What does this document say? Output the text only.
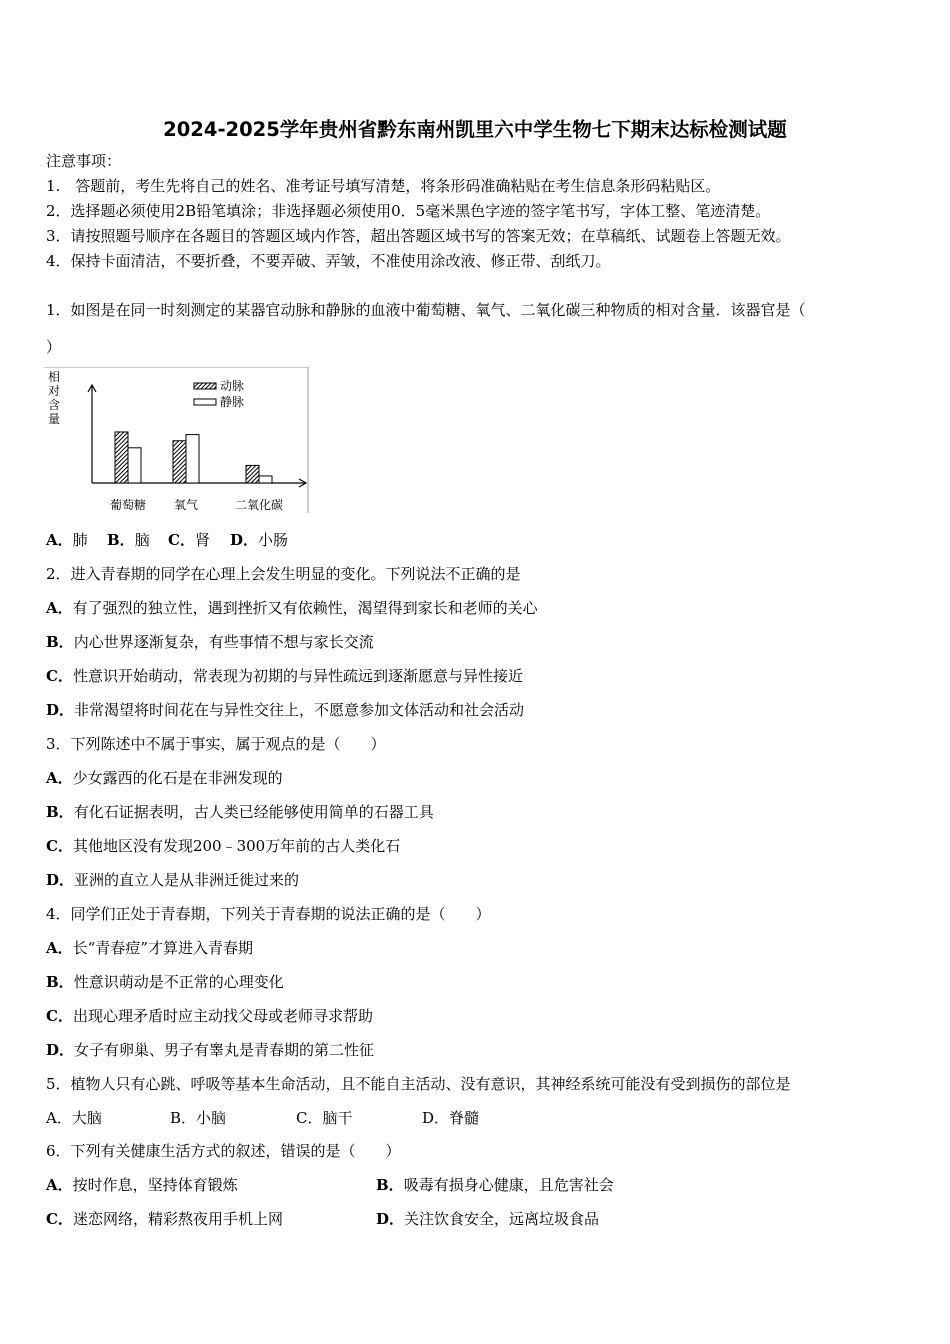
2024-2025学年贵州省黔东南州凯里六中学生物七下期末达标检测试题
注意事项：
1.　答题前，考生先将自己的姓名、准考证号填写清楚，将条形码准确粘贴在考生信息条形码粘贴区。
2．选择题必须使用2B铅笔填涂；非选择题必须使用0．5毫米黑色字迹的签字笔书写，字体工整、笔迹清楚。
3．请按照题号顺序在各题目的答题区域内作答，超出答题区域书写的答案无效；在草稿纸、试题卷上答题无效。
4．保持卡面清洁，不要折叠，不要弄破、弄皱，不准使用涂改液、修正带、刮纸刀。
1．如图是在同一时刻测定的某器官动脉和静脉的血液中葡萄糖、氧气、二氧化碳三种物质的相对含量．该器官是（
）
相
对
含
量
葡萄糖 氧气	二氧化碳
动脉
静脉
A．肺 B．脑 C．肾 D．小肠
2．进入青春期的同学在心理上会发生明显的变化。下列说法不正确的是
A．有了强烈的独立性，遇到挫折又有依赖性，渴望得到家长和老师的关心
B．内心世界逐渐复杂，有些事情不想与家长交流
C．性意识开始萌动，常表现为初期的与异性疏远到逐渐愿意与异性接近
D．非常渴望将时间花在与异性交往上，不愿意参加文体活动和社会活动
3．下列陈述中不属于事实，属于观点的是（　　）
A．少女露西的化石是在非洲发现的
B．有化石证据表明，古人类已经能够使用简单的石器工具
C．其他地区没有发现200﹣300万年前的古人类化石
D．亚洲的直立人是从非洲迁徙过来的
4．同学们正处于青春期，下列关于青春期的说法正确的是（　　）
A．长“青春痘”才算进入青春期
B．性意识萌动是不正常的心理变化
C．出现心理矛盾时应主动找父母或老师寻求帮助
D．女子有卵巢、男子有睾丸是青春期的第二性征
5．植物人只有心跳、呼吸等基本生命活动，且不能自主活动、没有意识，其神经系统可能没有受到损伤的部位是
A．大脑	B．小脑	C．脑干	D．脊髓
6．下列有关健康生活方式的叙述，错误的是（　　）
A．按时作息，坚持体育锻炼	B．吸毒有损身心健康，且危害社会
C．迷恋网络，精彩熬夜用手机上网	D．关注饮食安全，远离垃圾食品
